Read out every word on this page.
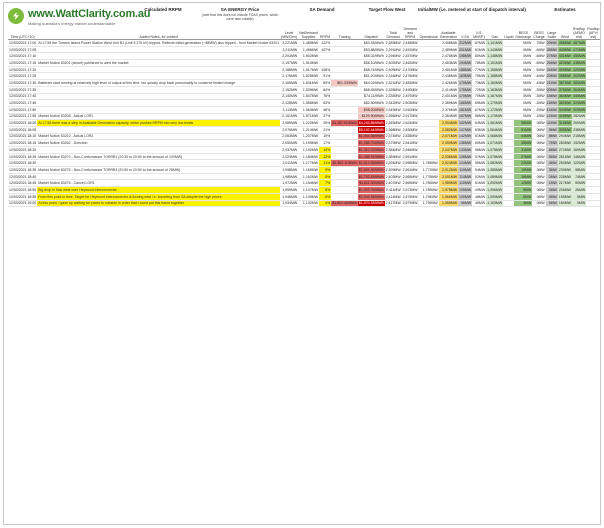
www.WattClarity.com.au
Making Australia's energy market understandable
Calculated RRPM	SA ENERGY Price
(note that this does not include FCAS prices, which were also volatile)
SA Demand	Target Flow West	InitialMW (i.e. metered at start of dispatch interval)	Estimates
Time (UTC+10)	Added Notes, for context	Level (MW/Gen)	NetDemand Supplied	RRPM	Trading	Dispatch	Total Demand	Demand and RRPM	Operational	Available Generation	V-SA	V-S-MNSP1	Gas	Liquid	BESS Discharge	BESS Charge	Large Scale	Wind	Rooftop (AEMO est)	Rooftop (APVI est)
12/03/2021 17:00	At 17:58 the Torrens Island Power Station West Unit B1 (Unit 8 275 kV) tripped. Reflects initial generation (~88MW) also tripped - from Market Notice 83201	2,221MW	1,489MW	122%		$53.33/MWh	2,289MW	2,448MW		2,498MW	212MW	87MW	1,141MW		0MW	-7MW	29MW	456MW	487MW	
12/03/2021 17:05		2,211MW	1,496MW	107%		$53.88/MWh	2,291MW	2,451MW		2,489MW	201MW	81MW	1,143MW		0MW	-6MW	28MW	443MW	471MW	
12/03/2021 17:10		2,204MW	1,502MW			$55.02/MWh	2,294MW	2,457MW		2,476MW	198MW	80MW	1,148MW		0MW	-6MW	27MW	431MW	455MW	
12/03/2021 17:15	Market Notice 83201 (above) published to alert the market	2,197MW	1,510MW			$56.10/MWh	2,302MW	2,462MW		2,463MW	194MW	78MW	1,151MW		0MW	-5MW	26MW	420MW	438MW	
12/03/2021 17:20		2,188MW	1,517MW	108%		$58.74/MWh	2,309MW	2,470MW		2,451MW	188MW	77MW	1,155MW		0MW	-5MW	24MW	409MW	420MW	
12/03/2021 17:25		2,176MW	1,525MW	91%		$61.20/MWh	2,316MW	2,476MW		2,438MW	183MW	75MW	1,158MW		0MW	-4MW	23MW	398MW	402MW	
12/03/2021 17:30	Batteries start running at relatively high level of output at this time, but quickly drop back presumably to conserve limited charge	2,165MW	1,531MW	89%	$61.33/MWh	$64.02/MWh	2,321MW	2,483MW		2,426MW	179MW	73MW	1,160MW		0MW	-4MW	21MW	387MW	383MW	
12/03/2021 17:35		2,152MW	1,539MW	84%		$68.45/MWh	2,328MW	2,490MW		2,414MW	175MW	72MW	1,163MW		0MW	-3MW	20MW	376MW	364MW	
12/03/2021 17:40		2,140MW	1,547MW	76%		$74.11/MWh	2,335MW	2,497MW		2,401MW	170MW	70MW	1,167MW		0MW	-3MW	18MW	364MW	345MW	
12/03/2021 17:45		2,128MW	1,556MW	63%		$82.50/MWh	2,342MW	2,503MW		2,389MW	166MW	69MW	1,170MW		0MW	-2MW	16MW	352MW	324MW	
12/03/2021 17:50		2,113MW	1,564MW	48%		$98.20/MWh	2,349MW	2,510MW		2,376MW	161MW	67MW	1,172MW		0MW	-2MW	14MW	340MW	303MW	
12/03/2021 17:55	Market Notice 83208 - Actual LOR1	2,101MW	1,571MW	37%		$129.90/MWh	2,356MW	2,517MW		2,364MW	157MW	66MW	1,175MW		0MW	-1MW	12MW	328MW	282MW	
12/03/2021 18:00	At 17:58 there was a step in Available Generation capacity, which pushes RRPM into very low levels	2,089MW	1,222MW	26%	$1,187.91/MWh	$4,243.89/MWh	2,363MW	2,524MW		2,094MW	152MW	64MW	1,061MW		58MW	0MW	11MW	316MW	260MW	
12/03/2021 18:05		2,076MW	1,214MW	21%		$5,102.44/MWh	2,368MW	2,530MW		2,082MW	147MW	63MW	1,064MW		51MW	0MW	9MW	305MW	238MW	
12/03/2021 18:10	Market Notice 83210 - Actual LOR2	2,063MW	1,207MW	19%		$1,404.36/MWh	2,374MW	2,535MW		2,071MW	142MW	61MW	1,068MW		44MW	0MW	8MW	294MW	215MW	
12/03/2021 18:15	Market Notice 83262 - Direction	2,050MW	1,199MW	17%		$1,288.70/MWh	2,379MW	2,541MW		2,059MW	138MW	60MW	1,071MW		38MW	0MW	7MW	283MW	192MW	
12/03/2021 18:20		2,037MW	1,192MW	14%		$1,310.22/MWh	2,384MW	2,546MW		2,047MW	133MW	58MW	1,075MW		31MW	0MW	6MW	272MW	169MW	
12/03/2021 18:25	Market Notice 83270 - Non-Conformance TORRB1 (20:30 to 20:50 to the amount of 100MW)	2,024MW	1,184MW	12%		$1,455.91/MWh	2,389MW	2,551MW		2,036MW	128MW	57MW	1,078MW		27MW	0MW	5MW	261MW	146MW	
12/03/2021 18:30		2,011MW	1,177MW	11%	$1,362.11/MWh	$1,512.83/MWh	2,394MW	2,556MW	1,765MW	2,024MW	124MW	55MW	1,082MW		22MW	0MW	4MW	250MW	122MW	
12/03/2021 18:35	Market Notice 83275 - Non-Conformance TORRB3 (20:50 to 20:50 to the amount of 28MW)	1,998MW	1,169MW	9%		$1,604.40/MWh	2,399MW	2,561MW	1,772MW	2,012MW	119MW	54MW	1,085MW		19MW	0MW	3MW	239MW	98MW	
12/03/2021 18:40		1,985MW	1,162MW	8%		$1,702.15/MWh	2,403MW	2,565MW	1,778MW	2,001MW	114MW	52MW	1,089MW		16MW	0MW	2MW	228MW	74MW	
12/03/2021 18:45	Market Notice 83276 - Cancel LOR1	1,972MW	1,154MW	7%		$1,811.09/MWh	2,407MW	2,569MW	1,783MW	1,989MW	110MW	51MW	1,092MW		12MW	0MW	1MW	217MW	50MW	
12/03/2021 18:50	Big drop in flow west over Heywood interconnector	1,959MW	1,147MW	6%		$1,923.76/MWh	2,411MW	2,573MW	1,789MW	1,978MW	105MW	49MW	1,096MW		9MW	0MW	0MW	206MW	26MW	
12/03/2021 18:55	From this point in time, Target for Heywood interconnector is flowing east i.e. importing from SA despite the high prices.	1,946MW	1,139MW	6%		$2,044.18/MWh	2,414MW	2,576MW	1,794MW	1,966MW	100MW	48MW	1,099MW		6MW	0MW	0MW	195MW	5MW	
12/03/2021 19:00	At this point, I gave up waiting for prices to subside in order that I could put this frame together	1,934MW	1,132MW	4%	$1,802.46/MWh	$1,970.33/MWh	2,417MW	2,579MW	1,799MW	1,955MW	96MW	46MW	1,103MW		4MW	0MW	0MW	184MW	0MW	
